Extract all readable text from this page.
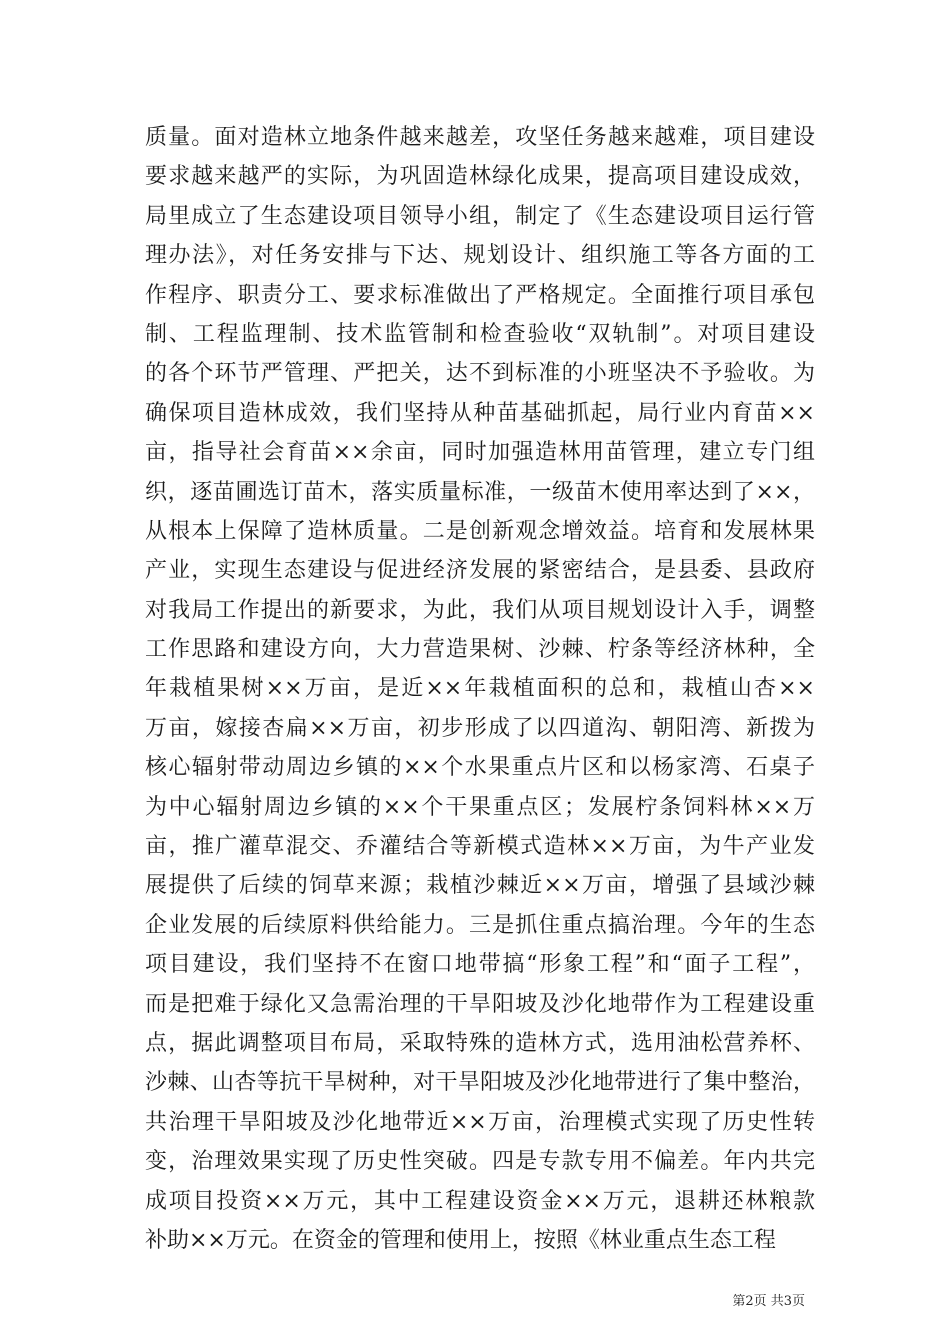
质量。面对造林立地条件越来越差，攻坚任务越来越难，项目建设
要求越来越严的实际，为巩固造林绿化成果，提高项目建设成效，
局里成立了生态建设项目领导小组，制定了《生态建设项目运行管
理办法》，对任务安排与下达、规划设计、组织施工等各方面的工
作程序、职责分工、要求标准做出了严格规定。全面推行项目承包
制、工程监理制、技术监管制和检查验收“双轨制”。对项目建设
的各个环节严管理、严把关，达不到标准的小班坚决不予验收。为
确保项目造林成效，我们坚持从种苗基础抓起，局行业内育苗××
亩，指导社会育苗××余亩，同时加强造林用苗管理，建立专门组
织，逐苗圃选订苗木，落实质量标准，一级苗木使用率达到了××，
从根本上保障了造林质量。二是创新观念增效益。培育和发展林果
产业，实现生态建设与促进经济发展的紧密结合，是县委、县政府
对我局工作提出的新要求，为此，我们从项目规划设计入手，调整
工作思路和建设方向，大力营造果树、沙棘、柠条等经济林种，全
年栽植果树××万亩，是近××年栽植面积的总和，栽植山杏××
万亩，嫁接杏扁××万亩，初步形成了以四道沟、朝阳湾、新拨为
核心辐射带动周边乡镇的××个水果重点片区和以杨家湾、石桌子
为中心辐射周边乡镇的××个干果重点区；发展柠条饲料林××万
亩，推广灌草混交、乔灌结合等新模式造林××万亩，为牛产业发
展提供了后续的饲草来源；栽植沙棘近××万亩，增强了县域沙棘
企业发展的后续原料供给能力。三是抓住重点搞治理。今年的生态
项目建设，我们坚持不在窗口地带搞“形象工程”和“面子工程”，
而是把难于绿化又急需治理的干旱阳坡及沙化地带作为工程建设重
点，据此调整项目布局，采取特殊的造林方式，选用油松营养杯、
沙棘、山杏等抗干旱树种，对干旱阳坡及沙化地带进行了集中整治，
共治理干旱阳坡及沙化地带近××万亩，治理模式实现了历史性转
变，治理效果实现了历史性突破。四是专款专用不偏差。年内共完
成项目投资××万元，其中工程建设资金××万元，退耕还林粮款
补助××万元。在资金的管理和使用上，按照《林业重点生态工程
第2页 共3页
